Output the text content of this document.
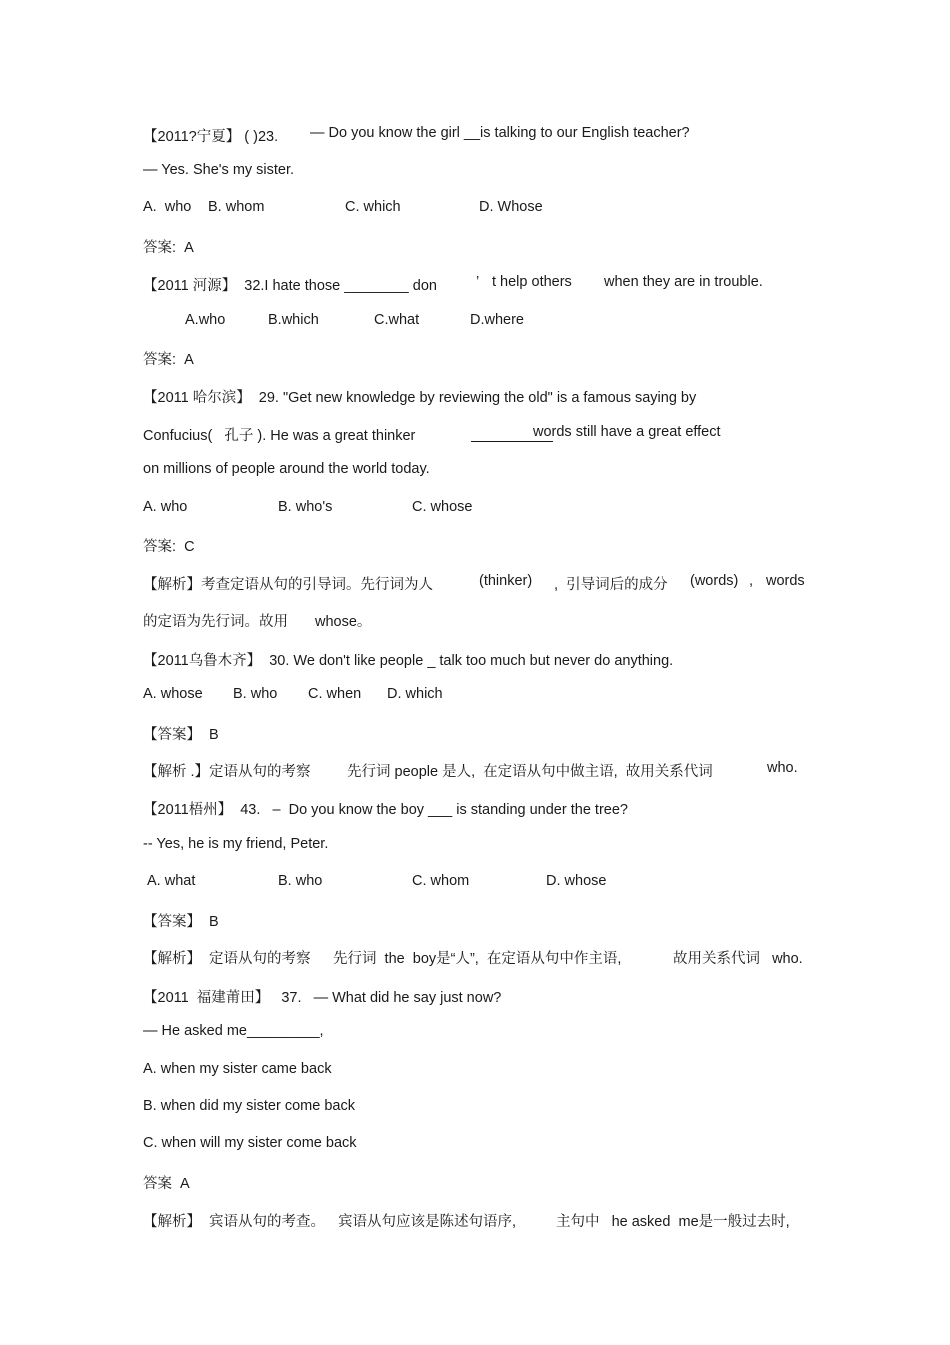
【2011?宁夏】 ( )23. — Do you know the girl __is talking to our English teacher?
— Yes. She's my sister.
A.  who B. whom	C. which	D. Whose
答案:  A
【2011 河源】  32.I hate those ________ don	’ t help others when they are in trouble.
A.who	B.which	C.what	D.where
答案:  A
【2011 哈尔滨】  29. "Get new knowledge by reviewing the old" is a famous saying by
Confucius(   孔子 ). He was a great thinker	words still have a great effect
on millions of people around the world today.
A. who	B. who's	C. whose
答案:  C
【解析】考查定语从句的引导词。先行词为人	(thinker) ,  引导词后的成分 (words) , words
的定语为先行词。故用 whose。
【2011乌鲁木齐】  30. We don't like people _ talk too much but never do anything.
A. whose B. who C. when D. which
【答案】  B
【解析 .】定语从句的考察	先行词 people 是人,  在定语从句中做主语,  故用关系代词	who.
【2011梧州】  43.   –  Do you know the boy ___ is standing under the tree?
-- Yes, he is my friend, Peter.
A. what	B. who	C. whom	D. whose
【答案】  B
【解析】  定语从句的考察 先行词  the  boy是“人”,  在定语从句中作主语,	故用关系代词   who.
【2011  福建莆田】   37.   — What did he say just now?
— He asked me_________,
A. when my sister came back
B. when did my sister come back
C. when will my sister come back
答案  A
【解析】  宾语从句的考查。 宾语从句应该是陈述句语序,	主句中   he asked  me是一般过去时,
